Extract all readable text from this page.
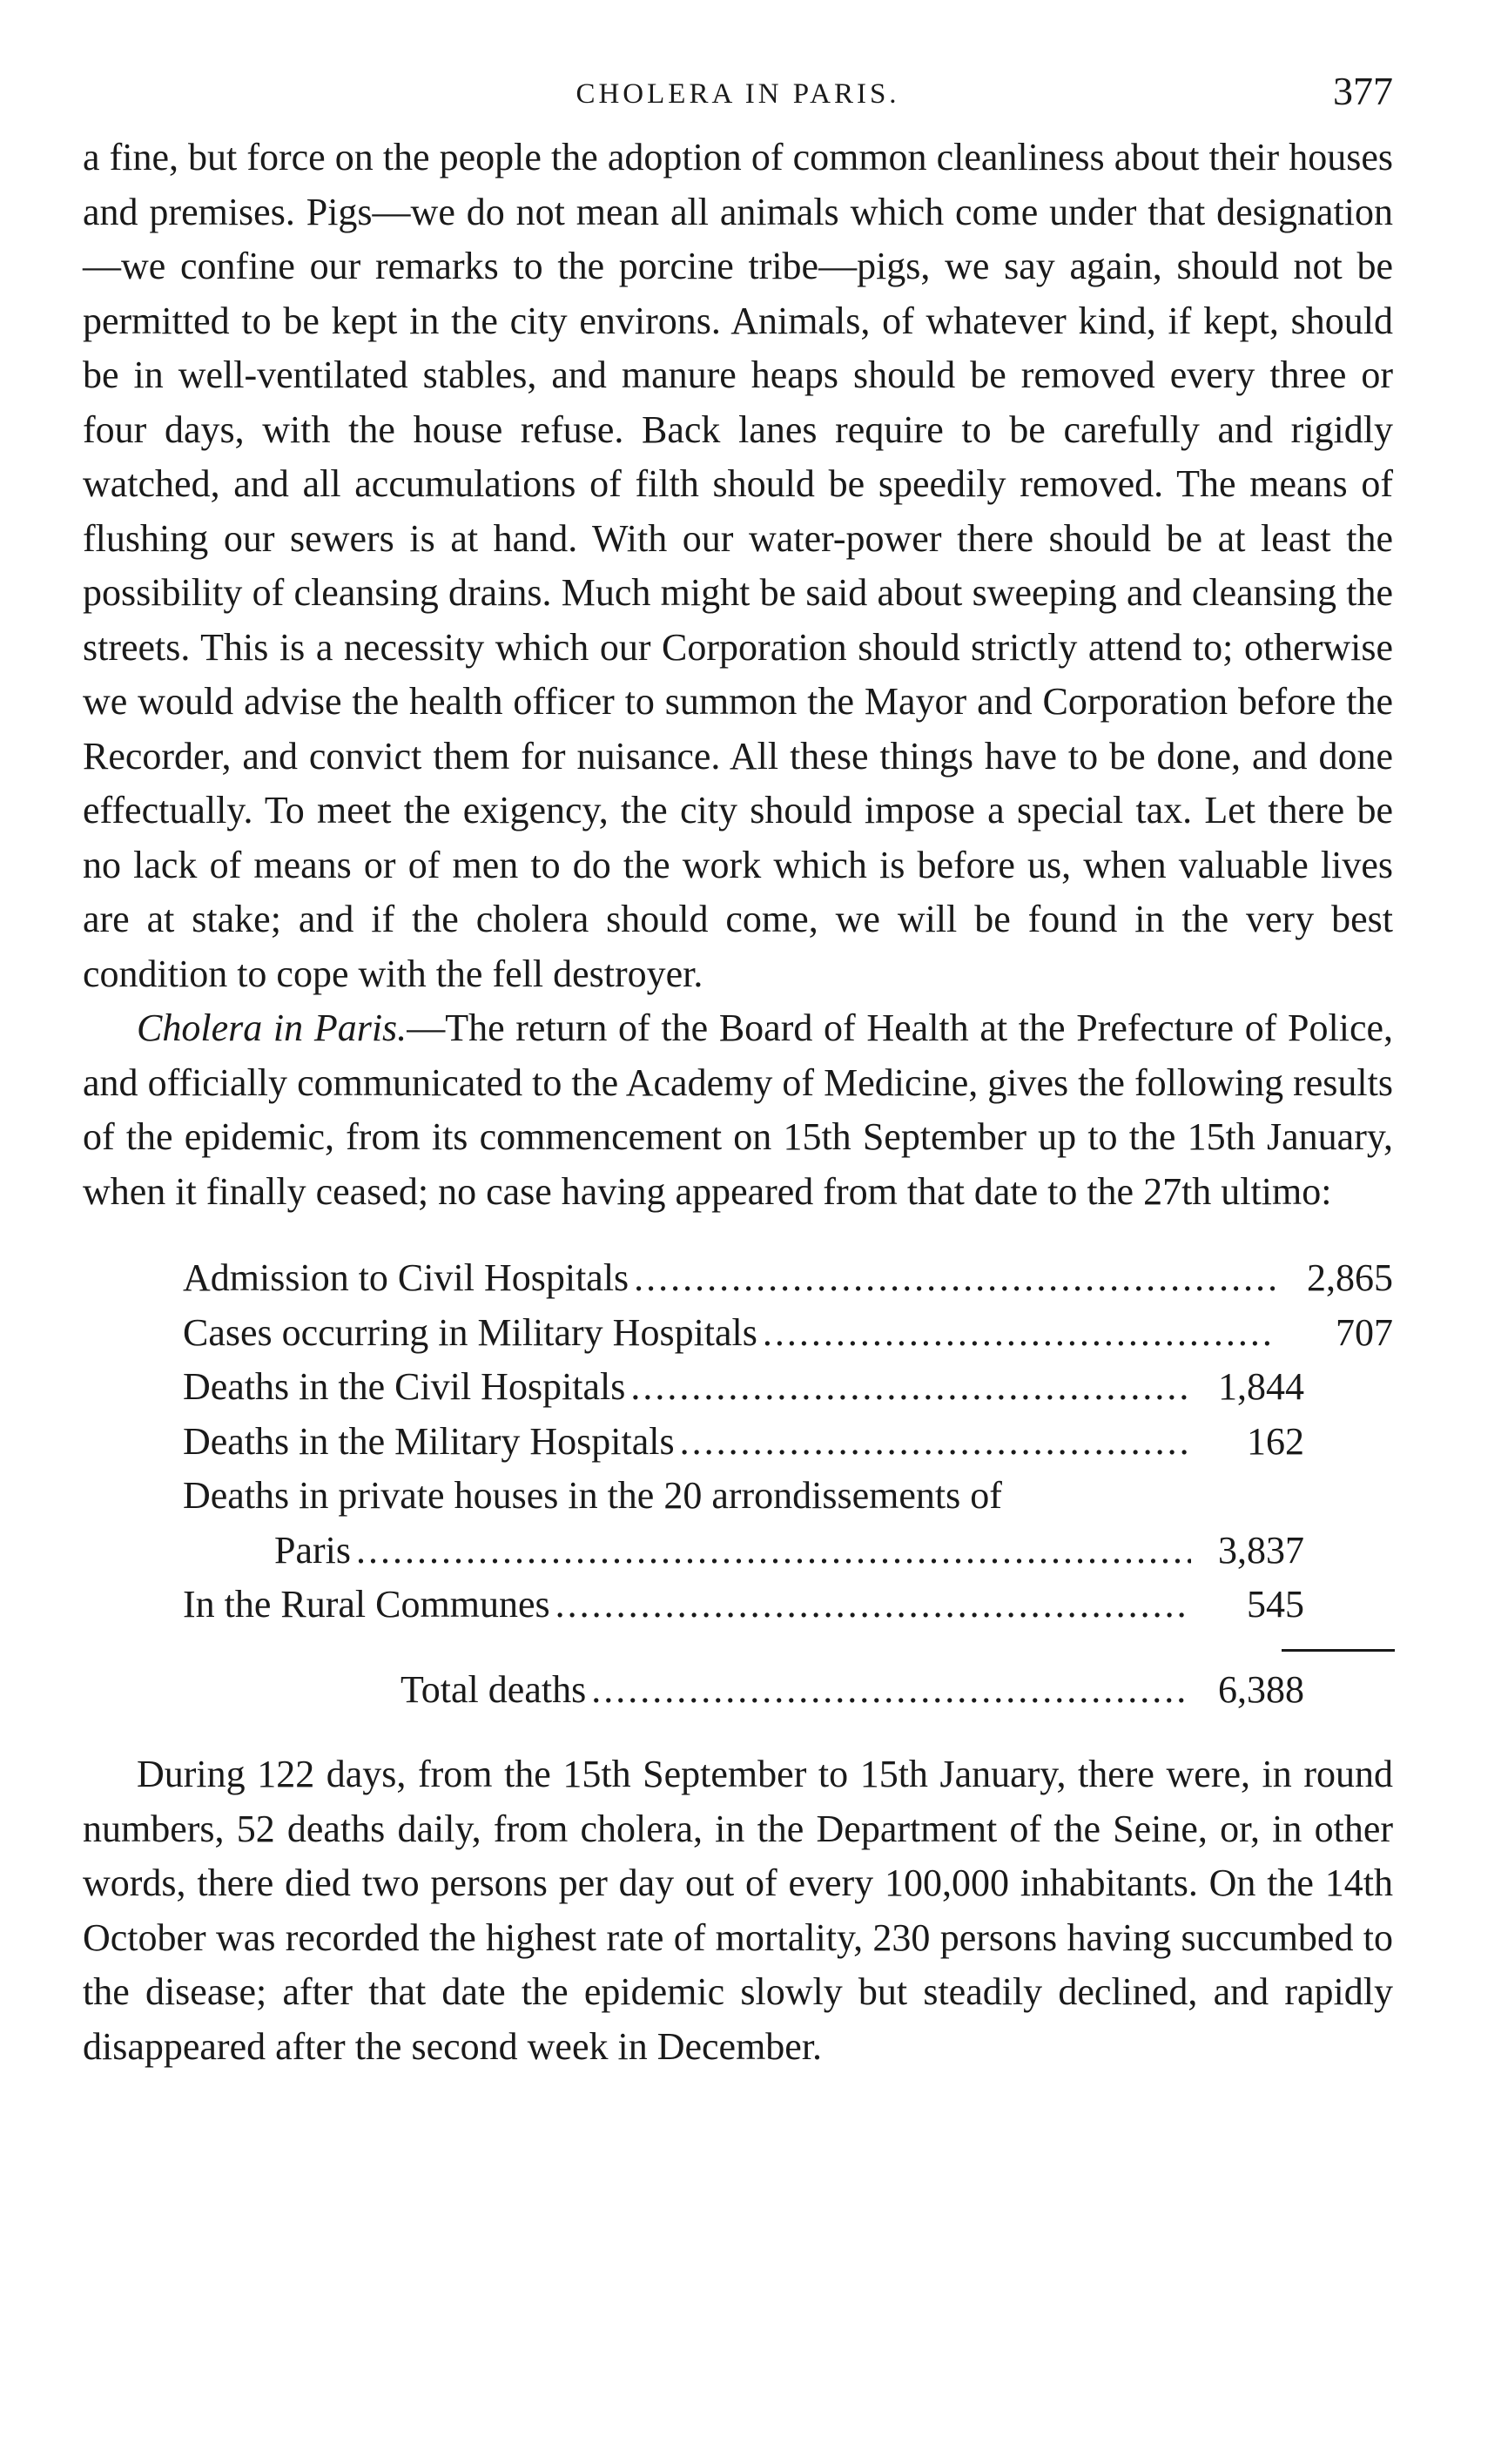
CHOLERA IN PARIS.	377

a fine, but force on the people the adoption of common cleanliness about their houses and premises. Pigs—we do not mean all animals which come under that designation—we confine our remarks to the porcine tribe—pigs, we say again, should not be permitted to be kept in the city environs. Animals, of whatever kind, if kept, should be in well-ventilated stables, and manure heaps should be removed every three or four days, with the house refuse. Back lanes require to be carefully and rigidly watched, and all accumulations of filth should be speedily removed. The means of flushing our sewers is at hand. With our water-power there should be at least the possibility of cleansing drains. Much might be said about sweeping and cleansing the streets. This is a necessity which our Corporation should strictly attend to; otherwise we would advise the health officer to summon the Mayor and Corporation before the Recorder, and convict them for nuisance. All these things have to be done, and done effectually. To meet the exigency, the city should impose a special tax. Let there be no lack of means or of men to do the work which is before us, when valuable lives are at stake; and if the cholera should come, we will be found in the very best condition to cope with the fell destroyer.

Cholera in Paris.—The return of the Board of Health at the Prefecture of Police, and officially communicated to the Academy of Medicine, gives the following results of the epidemic, from its commencement on 15th September up to the 15th January, when it finally ceased; no case having appeared from that date to the 27th ultimo:

Admission to Civil Hospitals .....	2,865
Cases occurring in Military Hospitals .....	707
Deaths in the Civil Hospitals .....	1,844
Deaths in the Military Hospitals .....	162
Deaths in private houses in the 20 arrondissements of
Paris .....	3,837
In the Rural Communes .....	545
Total deaths .....	6,388

During 122 days, from the 15th September to 15th January, there were, in round numbers, 52 deaths daily, from cholera, in the Department of the Seine, or, in other words, there died two persons per day out of every 100,000 inhabitants. On the 14th October was recorded the highest rate of mortality, 230 persons having succumbed to the disease; after that date the epidemic slowly but steadily declined, and rapidly disappeared after the second week in December.
